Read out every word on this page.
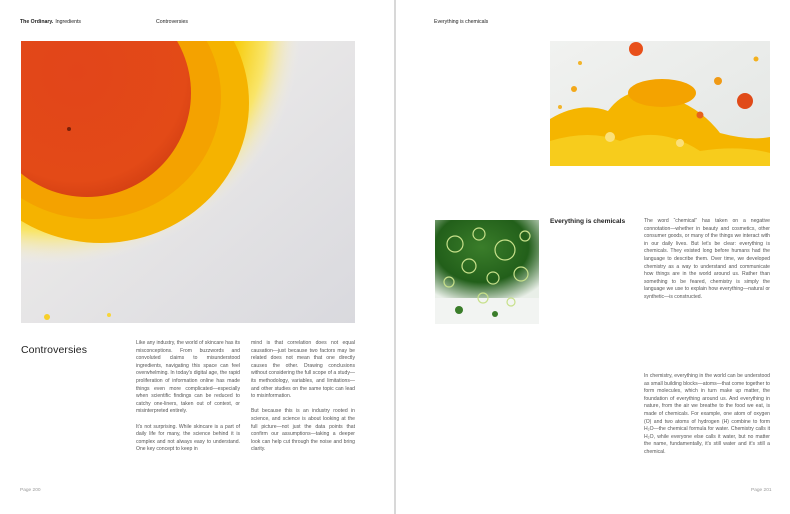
The Ordinary. Ingredients	Controversies
Controversies

Like any industry, the world of skincare has its misconceptions. From buzzwords and convoluted claims to misunderstood ingredients, navigating this space can feel overwhelming. In today's digital age, the rapid proliferation of information online has made things even more complicated—especially when scientific findings can be reduced to catchy one-liners, taken out of context, or misinterpreted entirely.

It's not surprising. While skincare is a part of daily life for many, the science behind it is complex and not always easy to understand. One key concept to keep in

mind is that correlation does not equal causation—just because two factors may be related does not mean that one directly causes the other. Drawing conclusions without considering the full scope of a study—its methodology, variables, and limitations—and other studies on the same topic can lead to misinformation.

But because this is an industry rooted in science, and science is about looking at the full picture—not just the data points that confirm our assumptions—taking a deeper look can help cut through the noise and bring clarity.

Page 200
Everything is chemicals
Everything is chemicals	The word “chemical” has taken on a negative connotation—whether in beauty and cosmetics, other consumer goods, or many of the things we interact with in our daily lives. But let's be clear: everything is chemicals. They existed long before humans had the language to describe them. Over time, we developed chemistry as a way to understand and communicate how things are in the world around us. Rather than something to be feared, chemistry is simply the language we use to explain how everything—natural or synthetic—is constructed.

In chemistry, everything in the world can be understood as small building blocks—atoms—that come together to form molecules, which in turn make up matter, the foundation of everything around us. And everything in nature, from the air we breathe to the food we eat, is made of chemicals. For example, one atom of oxygen (O) and two atoms of hydrogen (H) combine to form H₂O—the chemical formula for water. Chemistry calls it H₂O, while everyone else calls it water, but no matter the name, fundamentally, it's still water and it's still a chemical.

Page 201
